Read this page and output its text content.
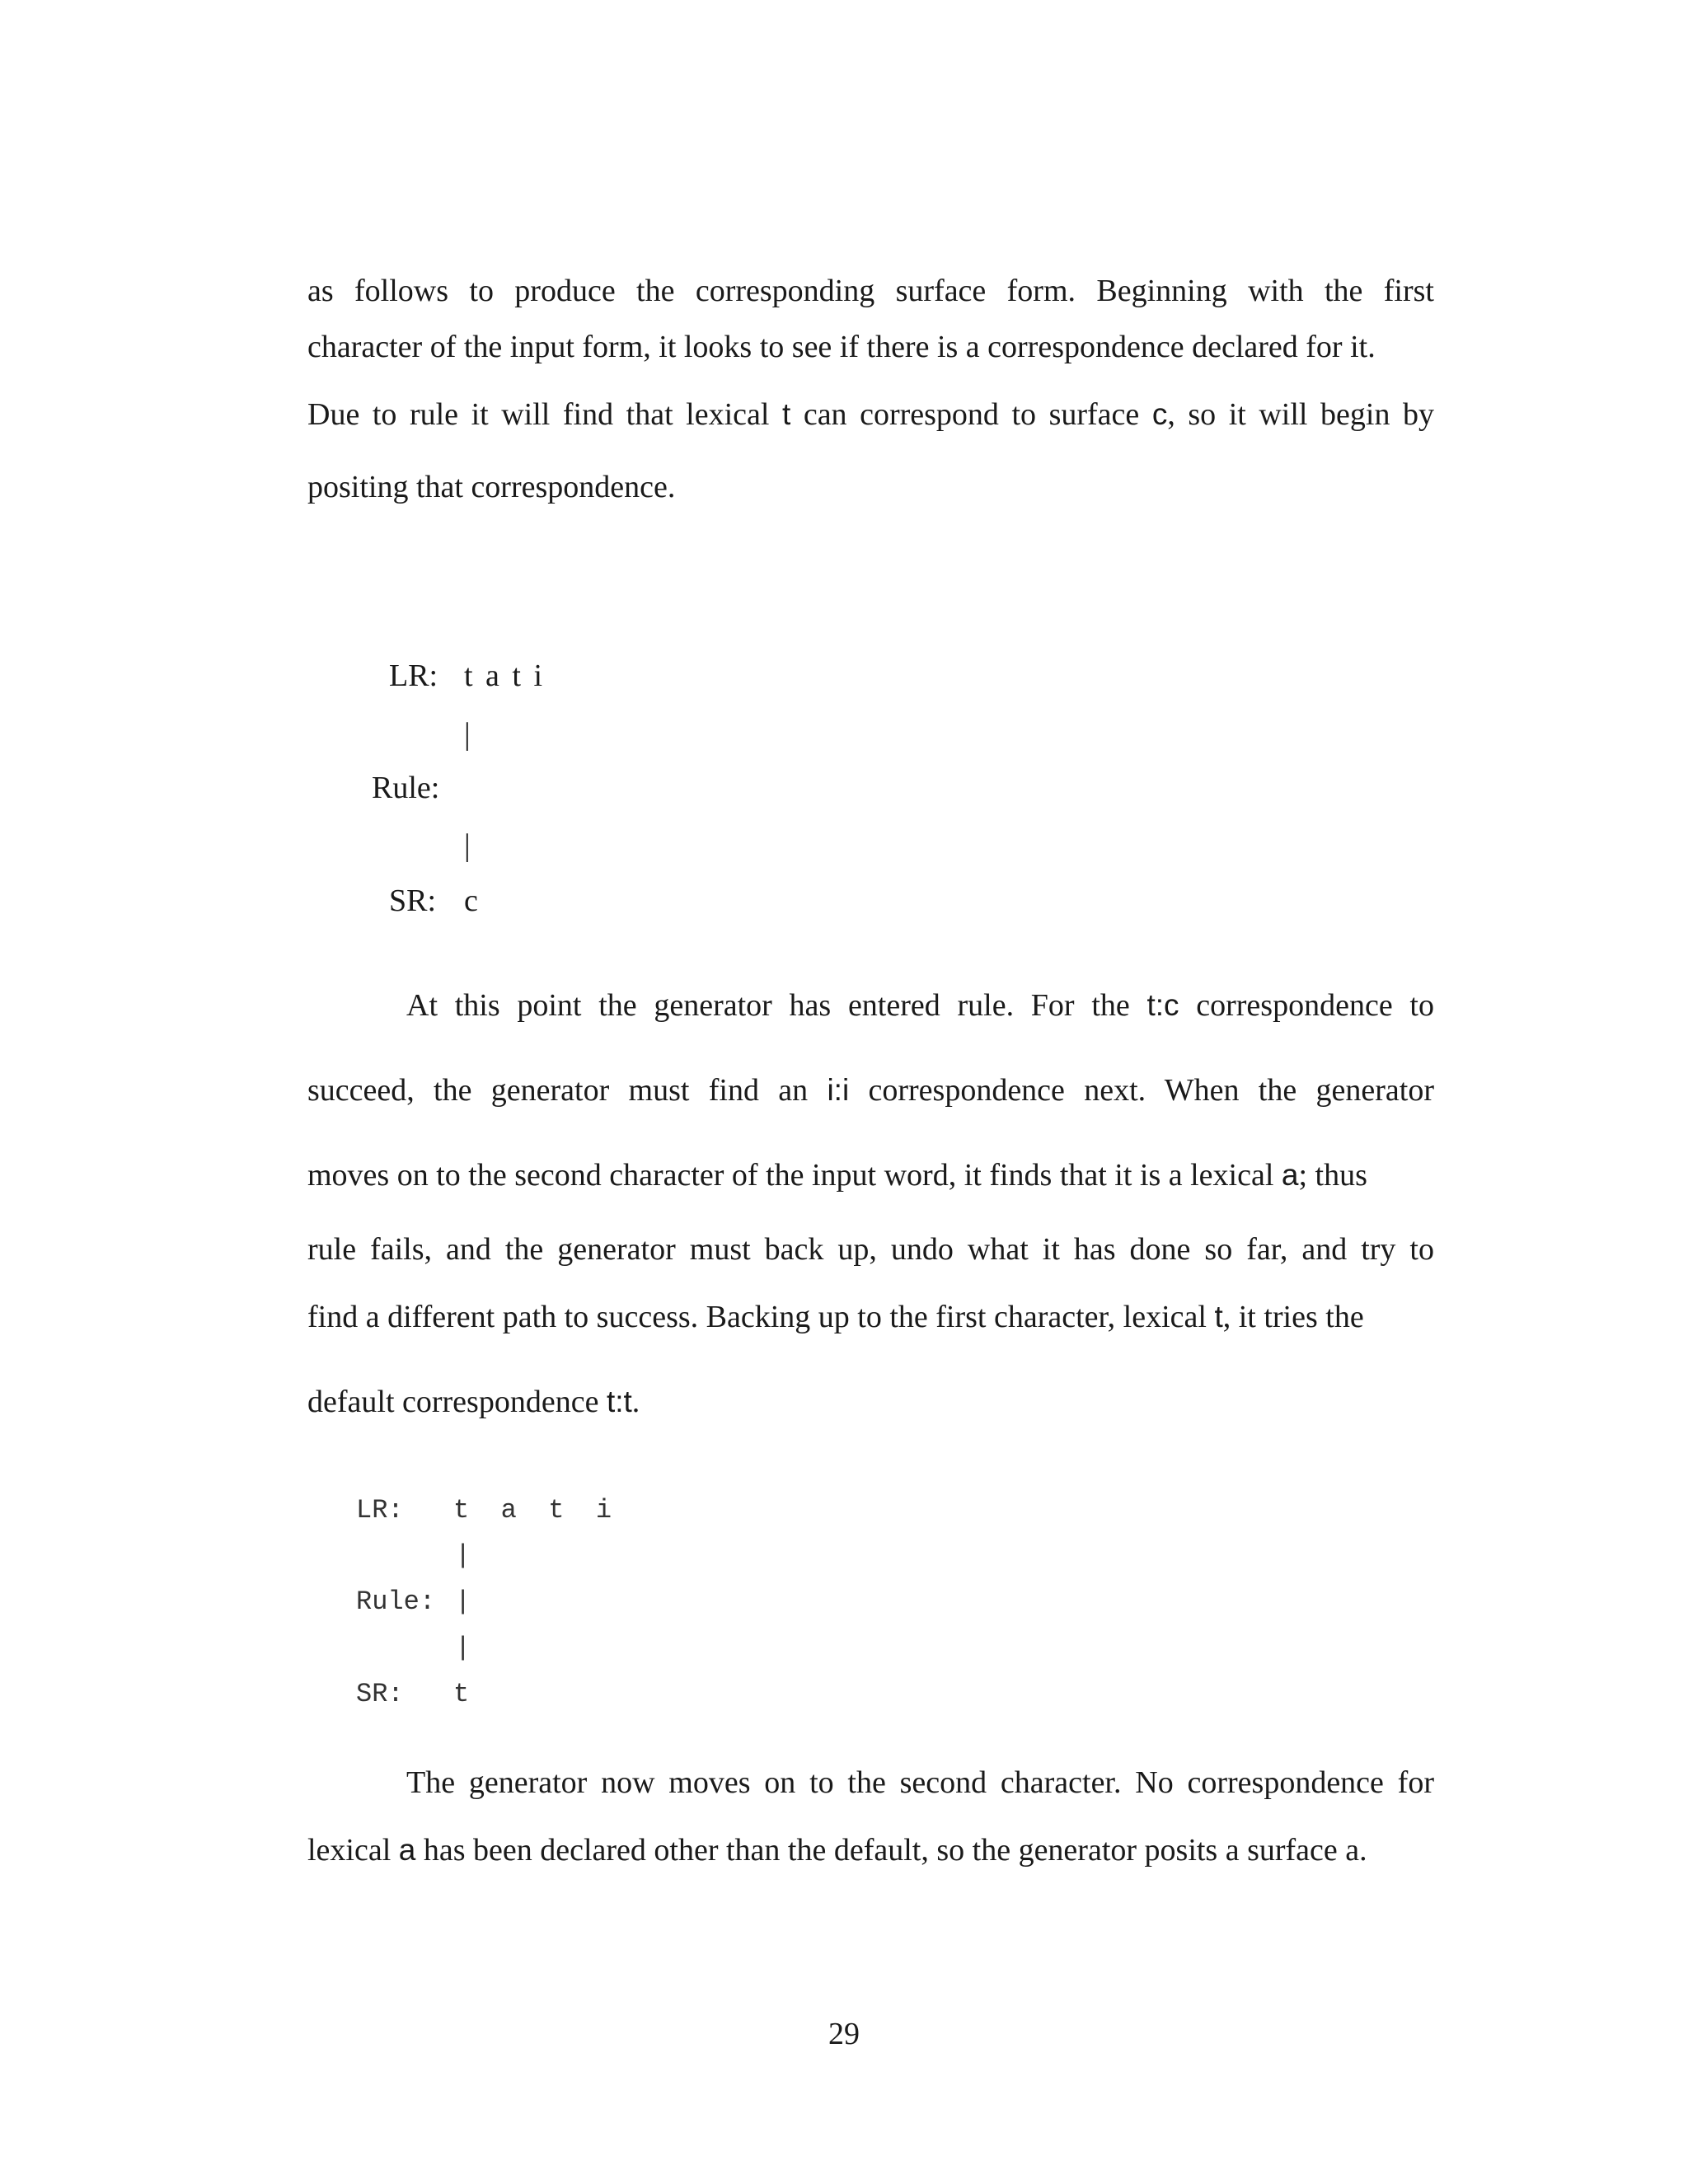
as follows to produce the corresponding surface form. Beginning with the first
character of the input form, it looks to see if there is a correspondence declared for it.
Due to rule it will find that lexical t can correspond to surface c, so it will begin by
positing that correspondence.
LR: t a t i
|
Rule:
|
SR: c
At this point the generator has entered rule. For the t:c correspondence to
succeed, the generator must find an i:i correspondence next. When the generator
moves on to the second character of the input word, it finds that it is a lexical a; thus
rule fails, and the generator must back up, undo what it has done so far, and try to
find a different path to success. Backing up to the first character, lexical t, it tries the
default correspondence t:t.
LR: t  a  t  i
|
Rule: |
|
SR: t
The generator now moves on to the second character. No correspondence for
lexical a has been declared other than the default, so the generator posits a surface a.
29
